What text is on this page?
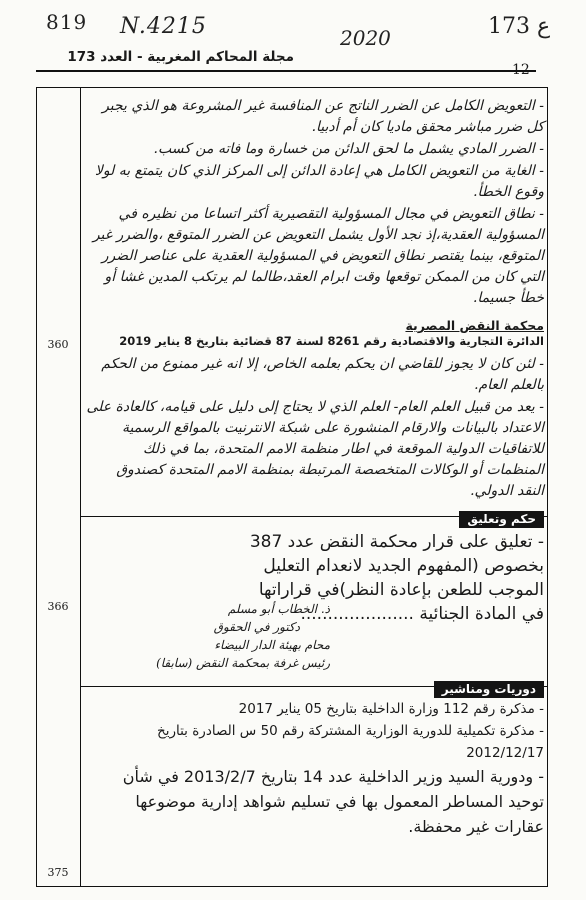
819 N.4215	2020	173 ع
مجلة المحاكم المغربية - العدد 173
12
360
366
375

- التعويض الكامل عن الضرر الناتج عن المنافسة غير المشروعة هو الذي يجبر كل ضرر مباشر محقق ماديا كان أم أدبيا.

- الضرر المادي يشمل ما لحق الدائن من خسارة وما فاته من كسب.

- الغاية من التعويض الكامل هي إعادة الدائن إلى المركز الذي كان يتمتع به لولا وقوع الخطأ.

- نطاق التعويض في مجال المسؤولية التقصيرية أكثر اتساعا من نظيره في المسؤولية العقدية،إذ نجد الأول يشمل التعويض عن الضرر المتوقع ،والضرر غير المتوقع، بينما يقتصر نطاق التعويض في المسؤولية العقدية على عناصر الضرر التي كان من الممكن توقعها وقت ابرام العقد،طالما لم يرتكب المدين غشا أو خطأ جسيما.

محكمة النقض المصرية
الدائرة التجارية والاقتصادية رقم 8261 لسنة 87 قضائية بتاريخ 8 يناير 2019

- لئن كان لا يجوز للقاضي ان يحكم بعلمه الخاص، إلا انه غير ممنوع من الحكم بالعلم العام.

- يعد من قبيل العلم العام- العلم الذي لا يحتاج إلى دليل على قيامه، كالعادة على الاعتداد بالبيانات والارقام المنشورة على شبكة الانترنيت بالمواقع الرسمية للاتفاقيات الدولية الموقعة في اطار منظمة الامم المتحدة، بما في ذلك المنظمات أو الوكالات المتخصصة المرتبطة بمنظمة الامم المتحدة كصندوق النقد الدولي.

حكم وتعليق
- تعليق على قرار محكمة النقض عدد 387
بخصوص (المفهوم الجديد لانعدام التعليل
الموجب للطعن بإعادة النظر)في قراراتها
في المادة الجنائية .....................
ذ. الخطاب أبو مسلم
دكتور في الحقوق
محام بهيئة الدار البيضاء
رئيس غرفة بمحكمة النقض (سابقا)
دوريات ومناشير
- مذكرة رقم 112 وزارة الداخلية بتاريخ 05 يناير 2017
- مذكرة تكميلية للدورية الوزارية المشتركة رقم 50 س الصادرة بتاريخ 2012/12/17
- ودورية السيد وزير الداخلية عدد 14 بتاريخ 2013/2/7 في شأن توحيد المساطر المعمول بها في تسليم شواهد إدارية موضوعها عقارات غير محفظة.
